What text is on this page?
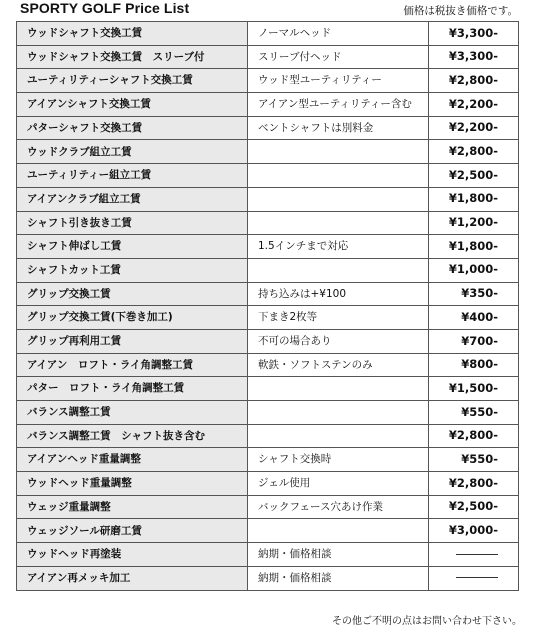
SPORTY GOLF Price List	価格は税抜き価格です。
ウッドシャフト交換工賃	ノーマルヘッド	¥3,300-
ウッドシャフト交換工賃　スリーブ付	スリーブ付ヘッド	¥3,300-
ユーティリティーシャフト交換工賃	ウッド型ユーティリティー	¥2,800-
アイアンシャフト交換工賃	アイアン型ユーティリティー含む	¥2,200-
パターシャフト交換工賃	ベントシャフトは別料金	¥2,200-
ウッドクラブ組立工賃		¥2,800-
ユーティリティー組立工賃		¥2,500-
アイアンクラブ組立工賃		¥1,800-
シャフト引き抜き工賃		¥1,200-
シャフト伸ばし工賃	1.5インチまで対応	¥1,800-
シャフトカット工賃		¥1,000-
グリップ交換工賃	持ち込みは+¥100	¥350-
グリップ交換工賃(下巻き加工)	下まき2枚等	¥400-
グリップ再利用工賃	不可の場合あり	¥700-
アイアン　ロフト・ライ角調整工賃	軟鉄・ソフトステンのみ	¥800-
パター　ロフト・ライ角調整工賃		¥1,500-
バランス調整工賃		¥550-
バランス調整工賃　シャフト抜き含む		¥2,800-
アイアンヘッド重量調整	シャフト交換時	¥550-
ウッドヘッド重量調整	ジェル使用	¥2,800-
ウェッジ重量調整	バックフェース穴あけ作業	¥2,500-
ウェッジソール研磨工賃		¥3,000-
ウッドヘッド再塗装	納期・価格相談	
アイアン再メッキ加工	納期・価格相談	
その他ご不明の点はお問い合わせ下さい。
